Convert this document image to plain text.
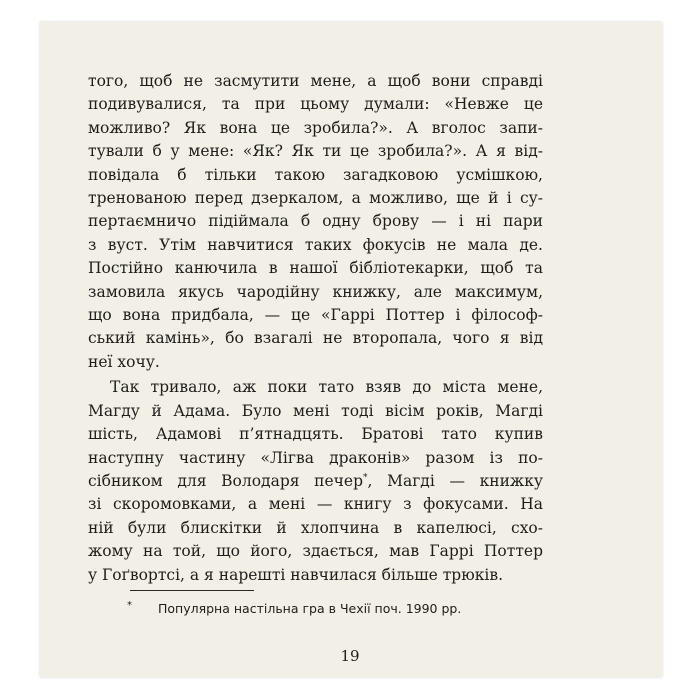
того, щоб не засмутити мене, а щоб вони справді
подивувалися, та при цьому думали: «Невже це
можливо? Як вона це зробила?». А вголос запи-
тували б у мене: «Як? Як ти це зробила?». А я від-
повідала б тільки такою загадковою усмішкою,
тренованою перед дзеркалом, а можливо, ще й і су-
пертаємничо підіймала б одну брову — і ні пари
з вуст. Утім навчитися таких фокусів не мала де.
Постійно канючила в нашої бібліотекарки, щоб та
замовила якусь чародійну книжку, але максимум,
що вона придбала, — це «Гаррі Поттер і філософ-
ський камінь», бо взагалі не второпала, чого я від
неї хочу.
Так тривало, аж поки тато взяв до міста мене,
Магду й Адама. Було мені тоді вісім років, Магді
шість, Адамові п’ятнадцять. Братові тато купив
наступну частину «Лігва драконів» разом із по-
сібником для Володаря печер*, Магді — книжку
зі скоромовками, а мені — книгу з фокусами. На
ній були блискітки й хлопчина в капелюсі, схо-
жому на той, що його, здається, мав Гаррі Поттер
у Гоґвортсі, а я нарешті навчилася більше трюків.
* Популярна настільна гра в Чехії поч. 1990 рр.
19
